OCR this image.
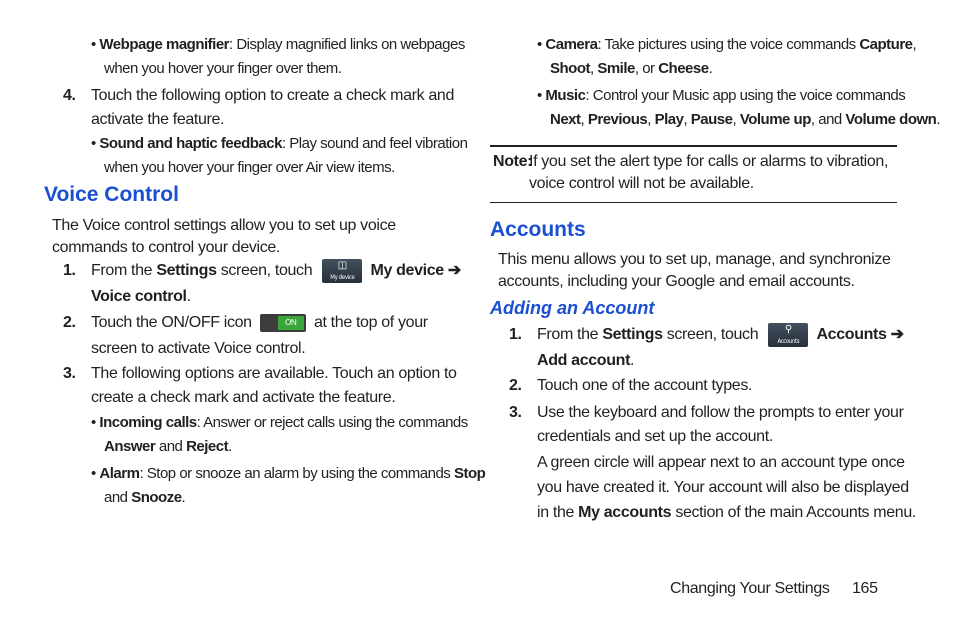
• Webpage magnifier: Display magnified links on webpages
when you hover your finger over them.
4. Touch the following option to create a check mark and
activate the feature.
• Sound and haptic feedback: Play sound and feel vibration
when you hover your finger over Air view items.
Voice Control
The Voice control settings allow you to set up voice
commands to control your device.
1. From the Settings screen, touch	◫
My device	My device ➔
Voice control.
2. Touch the ON/OFF icon	ON	at the top of your
screen to activate Voice control.
3. The following options are available. Touch an option to
create a check mark and activate the feature.
• Incoming calls: Answer or reject calls using the commands
Answer and Reject.
• Alarm: Stop or snooze an alarm by using the commands Stop
and Snooze.
• Camera: Take pictures using the voice commands Capture,
Shoot, Smile, or Cheese.
• Music: Control your Music app using the voice commands
Next, Previous, Play, Pause, Volume up, and Volume down.
Note:
If you set the alert type for calls or alarms to vibration,
voice control will not be available.
Accounts
This menu allows you to set up, manage, and synchronize
accounts, including your Google and email accounts.
Adding an Account
1. From the Settings screen, touch	⚲
Accounts	Accounts ➔
Add account.
2. Touch one of the account types.
3. Use the keyboard and follow the prompts to enter your
credentials and set up the account.
A green circle will appear next to an account type once
you have created it. Your account will also be displayed
in the My accounts section of the main Accounts menu.
Changing Your Settings 165
